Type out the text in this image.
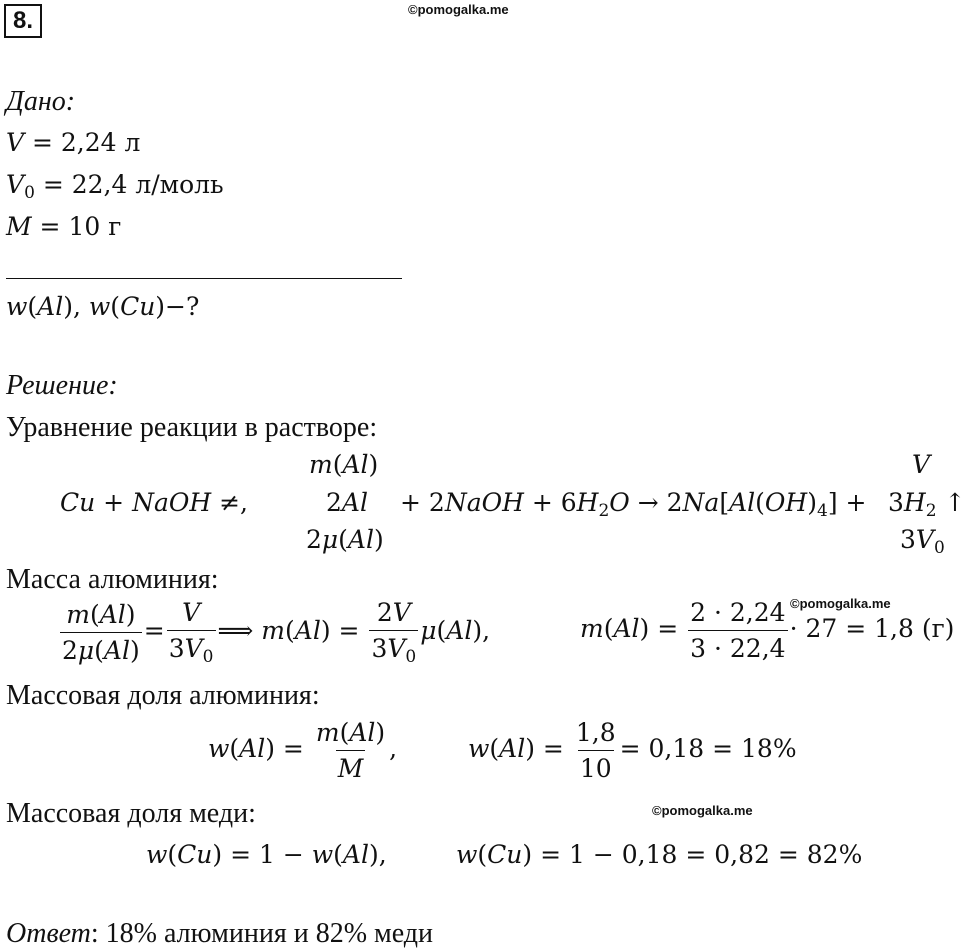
8.	©pomogalka.me
Дано:
V = 2,24 л
$V_0 = 22,4$ л/моль
M = 10 г
w(Al), w(Cu)−?
Решение:
Уравнение реакции в растворе:
Cu + NaOH ≠,
m(Al)
2Al
2μ(Al)
+ 2NaOH + $6H_2O \to 2Na[Al(OH)_4]$ +
V
$3H_2$ ↑
$3V_0$
Масса алюминия:
©pomogalka.me
$\frac{m(Al)}{2\mu(Al)} = \frac{V}{3V_0}$ ⟹ $m(Al) = \frac{2V}{3V_0} \mu(Al)$,	$m(Al) = \frac{2 \cdot 2,24}{3 \cdot 22,4} \cdot 27 = 1,8$ (г)
Массовая доля алюминия:
$w(Al) = \frac{m(Al)}{M}$ ,	$w(Al) = \frac{1,8}{10} = 0,18 = 18\%$
Массовая доля меди:	©pomogalka.me
w(Cu) = 1 − w(Al),	w(Cu) = 1 − 0,18 = 0,82 = 82%
Ответ: 18% алюминия и 82% меди
